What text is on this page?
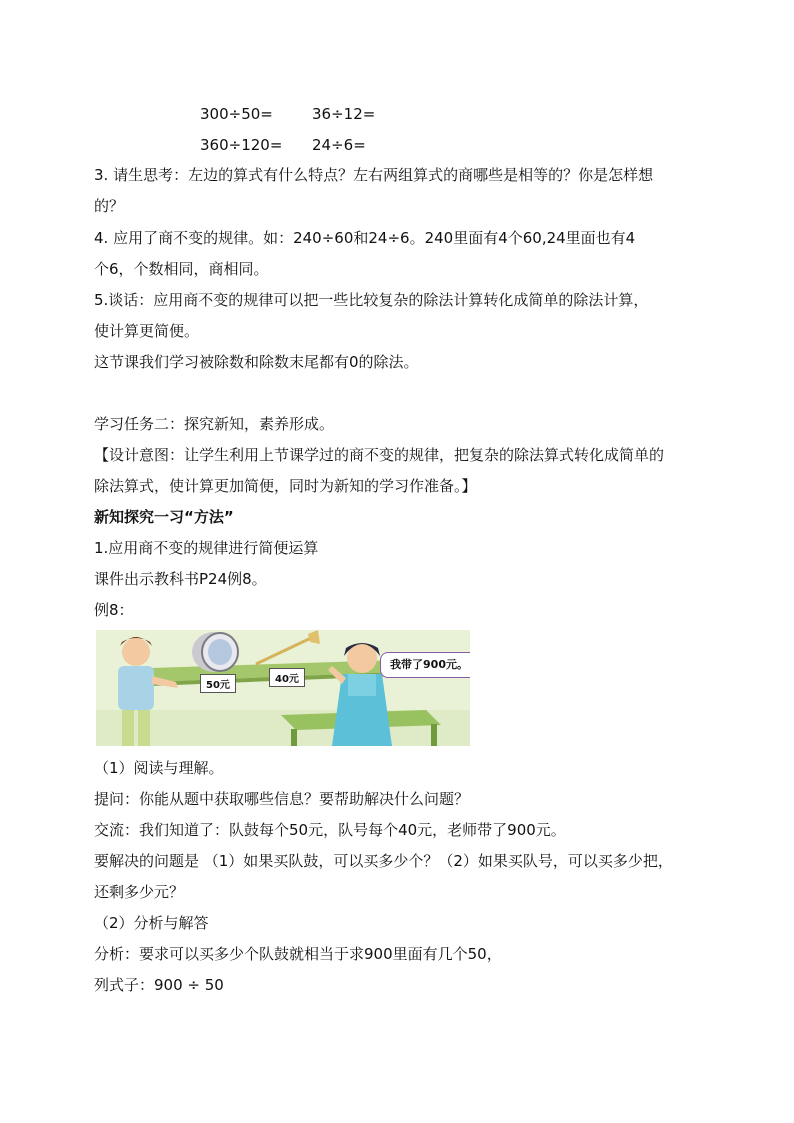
300÷50=	36÷12=
360÷120= 24÷6=
3. 请生思考：左边的算式有什么特点？左右两组算式的商哪些是相等的？你是怎样想
的？
4. 应用了商不变的规律。如：240÷60和24÷6。240里面有4个60,24里面也有4
个6，个数相同，商相同。
5.谈话：应用商不变的规律可以把一些比较复杂的除法计算转化成简单的除法计算，
使计算更简便。
这节课我们学习被除数和除数末尾都有0的除法。
学习任务二：探究新知，素养形成。
【设计意图：让学生利用上节课学过的商不变的规律，把复杂的除法算式转化成简单的
除法算式，使计算更加简便，同时为新知的学习作准备。】
新知探究一习“方法”
1.应用商不变的规律进行简便运算
课件出示教科书P24例8。
例8：
50元
40元
我带了900元。
（1）阅读与理解。
提问：你能从题中获取哪些信息？要帮助解决什么问题？
交流：我们知道了：队鼓每个50元，队号每个40元，老师带了900元。
要解决的问题是 （1）如果买队鼓，可以买多少个？（2）如果买队号，可以买多少把，
还剩多少元？
（2）分析与解答
分析：要求可以买多少个队鼓就相当于求900里面有几个50，
列式子：900 ÷ 50
